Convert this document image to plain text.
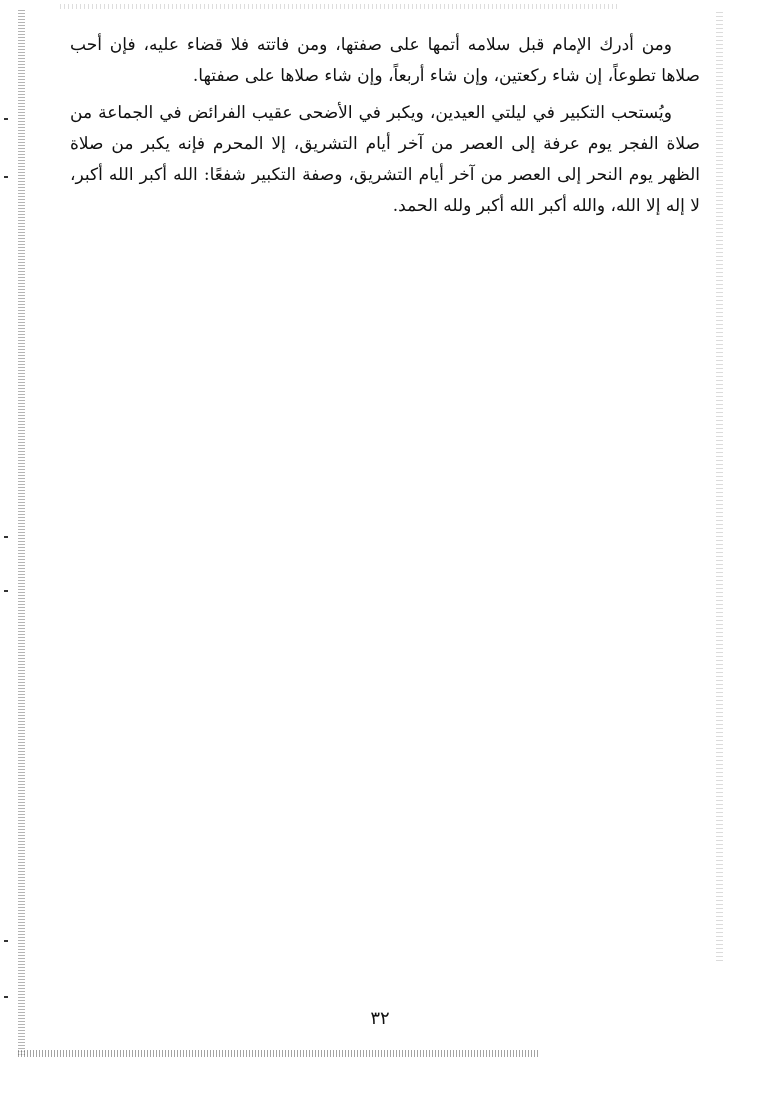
ومن أدرك الإمام قبل سلامه أتمها على صفتها، ومن فاتته فلا قضاء عليه، فإن أحب صلاها تطوعاً، إن شاء ركعتين، وإن شاء أربعاً، وإن شاء صلاها على صفتها.

ويُستحب التكبير في ليلتي العيدين، ويكبر في الأضحى عقيب الفرائض في الجماعة من صلاة الفجر يوم عرفة إلى العصر من آخر أيام التشريق، إلا المحرم فإنه يكبر من صلاة الظهر يوم النحر إلى العصر من آخر أيام التشريق، وصفة التكبير شفعًا: الله أكبر الله أكبر، لا إله إلا الله، والله أكبر الله أكبر ولله الحمد.

٣٢
